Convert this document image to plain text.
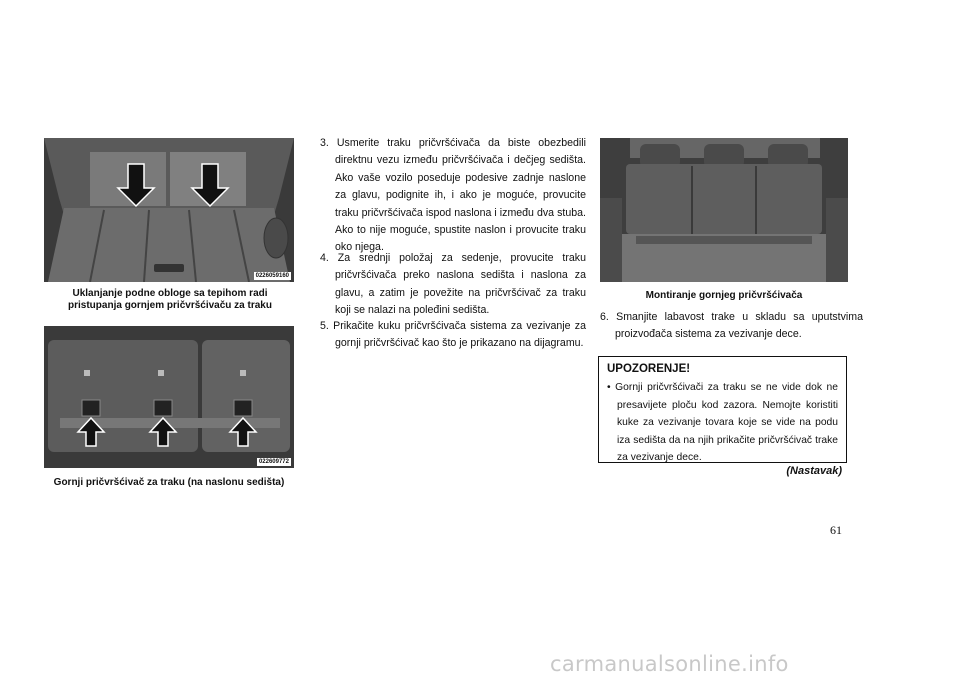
0226059160
Uklanjanje podne obloge sa tepihom radi pristupanja gornjem pričvršćivaču za traku
022609772
Gornji pričvršćivač za traku (na naslonu sedišta)
Montiranje gornjeg pričvršćivača
3. Usmerite traku pričvršćivača da biste obezbedili direktnu vezu između pričvršćivača i dečjeg sedišta. Ako vaše vozilo poseduje podesive zadnje naslone za glavu, podignite ih, i ako je moguće, provucite traku pričvršćivača ispod naslona i između dva stuba. Ako to nije moguće, spustite naslon i provucite traku oko njega.
4. Za srednji položaj za sedenje, provucite traku pričvršćivača preko naslona sedišta i naslona za glavu, a zatim je povežite na pričvršćivač za traku koji se nalazi na poleđini sedišta.
5. Prikačite kuku pričvršćivača sistema za vezivanje za gornji pričvršćivač kao što je prikazano na dijagramu.
6. Smanjite labavost trake u skladu sa uputstvima proizvođača sistema za vezivanje dece.
UPOZORENJE!

• Gornji pričvršćivači za traku se ne vide dok ne presavijete ploču kod zazora. Nemojte koristiti kuke za vezivanje tovara koje se vide na podu iza sedišta da na njih prikačite pričvršćivač trake za vezivanje dece.

(Nastavak)
61
carmanualsonline.info
